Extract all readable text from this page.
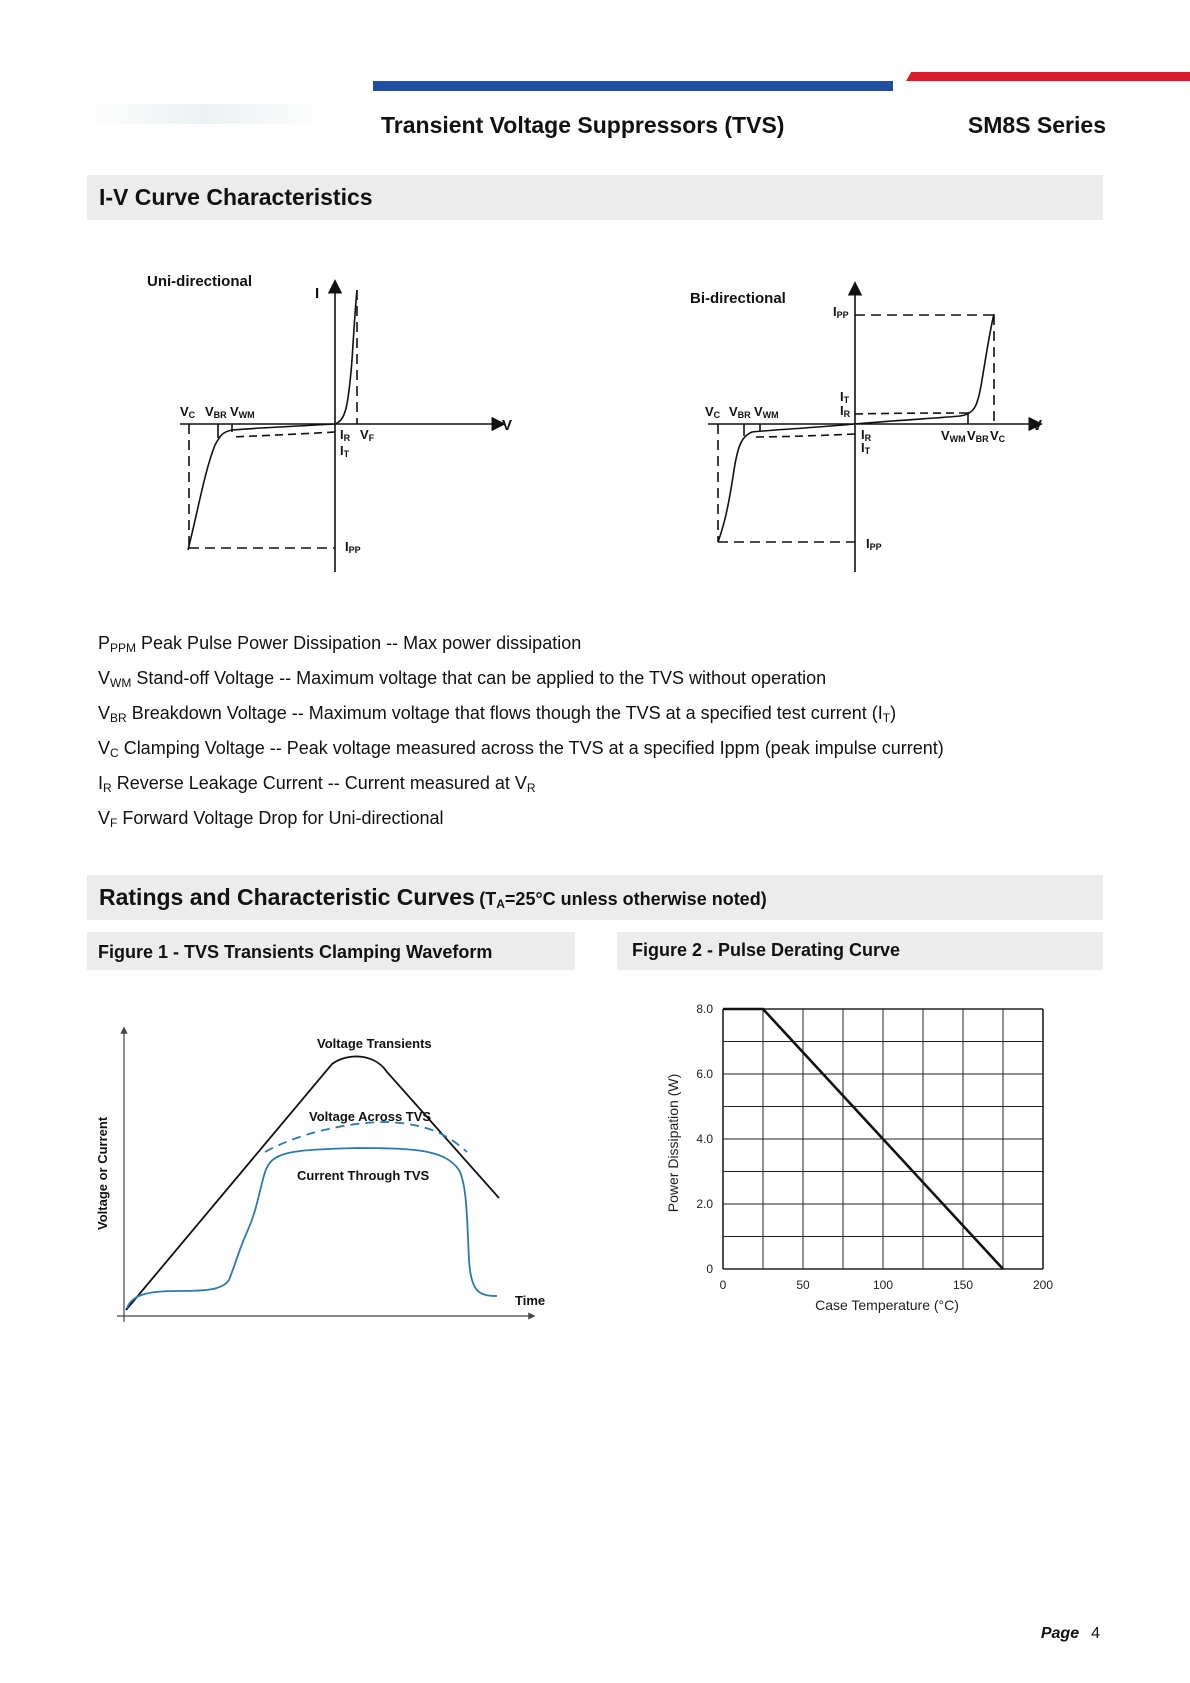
Transient Voltage Suppressors (TVS)	SM8S Series
I-V Curve Characteristics
Uni-directional
I
V
VC VBR VWM
IR VF
IT
IPP
Bi-directional
V
IPP
IT
IR
VC VBR VWM
IR
IT
VWM VBR VC
IPP
$P_{PPM}$ Peak Pulse Power Dissipation -- Max power dissipation
$V_{WM}$ Stand-off Voltage -- Maximum voltage that can be applied to the TVS without operation
$V_{BR}$ Breakdown Voltage -- Maximum voltage that flows though the TVS at a specified test current $(I_T)$
$V_C$ Clamping Voltage -- Peak voltage measured across the TVS at a specified Ippm (peak impulse current)
$I_R$ Reverse Leakage Current -- Current measured at $V_R$
$V_F$ Forward Voltage Drop for Uni-directional
Ratings and Characteristic Curves ($T_A=25^\circ C$ unless otherwise noted)
Figure 1 - TVS Transients Clamping Waveform	Figure 2 - Pulse Derating Curve
Voltage or Current
Time
Voltage Transients
Voltage Across TVS
Current Through TVS
0	50	100	150	200
0
2.0
4.0
6.0
8.0
Case Temperature (°C)
Power Dissipation (W)
Page 4
